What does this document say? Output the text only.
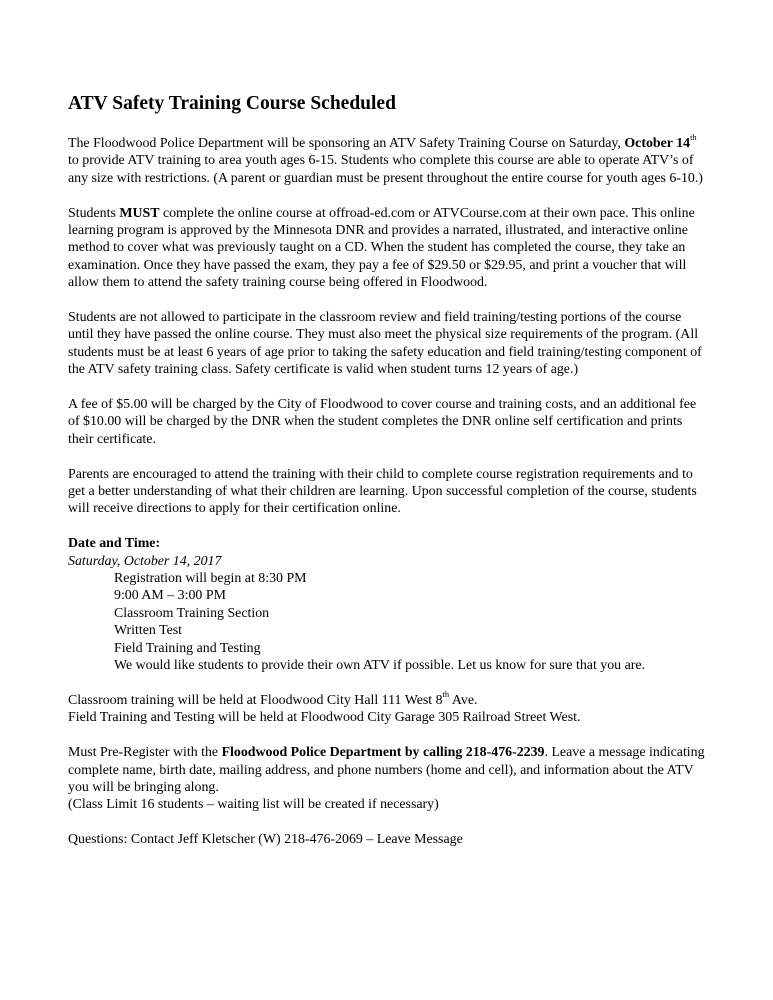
ATV Safety Training Course Scheduled

The Floodwood Police Department will be sponsoring an ATV Safety Training Course on Saturday, October 14th to provide ATV training to area youth ages 6-15. Students who complete this course are able to operate ATV’s of any size with restrictions. (A parent or guardian must be present throughout the entire course for youth ages 6-10.)

Students MUST complete the online course at offroad-ed.com or ATVCourse.com at their own pace. This online learning program is approved by the Minnesota DNR and provides a narrated, illustrated, and interactive online method to cover what was previously taught on a CD. When the student has completed the course, they take an examination. Once they have passed the exam, they pay a fee of $29.50 or $29.95, and print a voucher that will allow them to attend the safety training course being offered in Floodwood.

Students are not allowed to participate in the classroom review and field training/testing portions of the course until they have passed the online course. They must also meet the physical size requirements of the program. (All students must be at least 6 years of age prior to taking the safety education and field training/testing component of the ATV safety training class. Safety certificate is valid when student turns 12 years of age.)

A fee of $5.00 will be charged by the City of Floodwood to cover course and training costs, and an additional fee of $10.00 will be charged by the DNR when the student completes the DNR online self certification and prints their certificate.

Parents are encouraged to attend the training with their child to complete course registration requirements and to get a better understanding of what their children are learning. Upon successful completion of the course, students will receive directions to apply for their certification online.

Date and Time:
Saturday, October 14, 2017
Registration will begin at 8:30 PM
9:00 AM – 3:00 PM
Classroom Training Section
Written Test
Field Training and Testing
We would like students to provide their own ATV if possible. Let us know for sure that you are.
Classroom training will be held at Floodwood City Hall 111 West 8th Ave.

Field Training and Testing will be held at Floodwood City Garage 305 Railroad Street West.

Must Pre-Register with the Floodwood Police Department by calling 218-476-2239. Leave a message indicating complete name, birth date, mailing address, and phone numbers (home and cell), and information about the ATV you will be bringing along.

(Class Limit 16 students – waiting list will be created if necessary)

Questions: Contact Jeff Kletscher (W) 218-476-2069 – Leave Message
